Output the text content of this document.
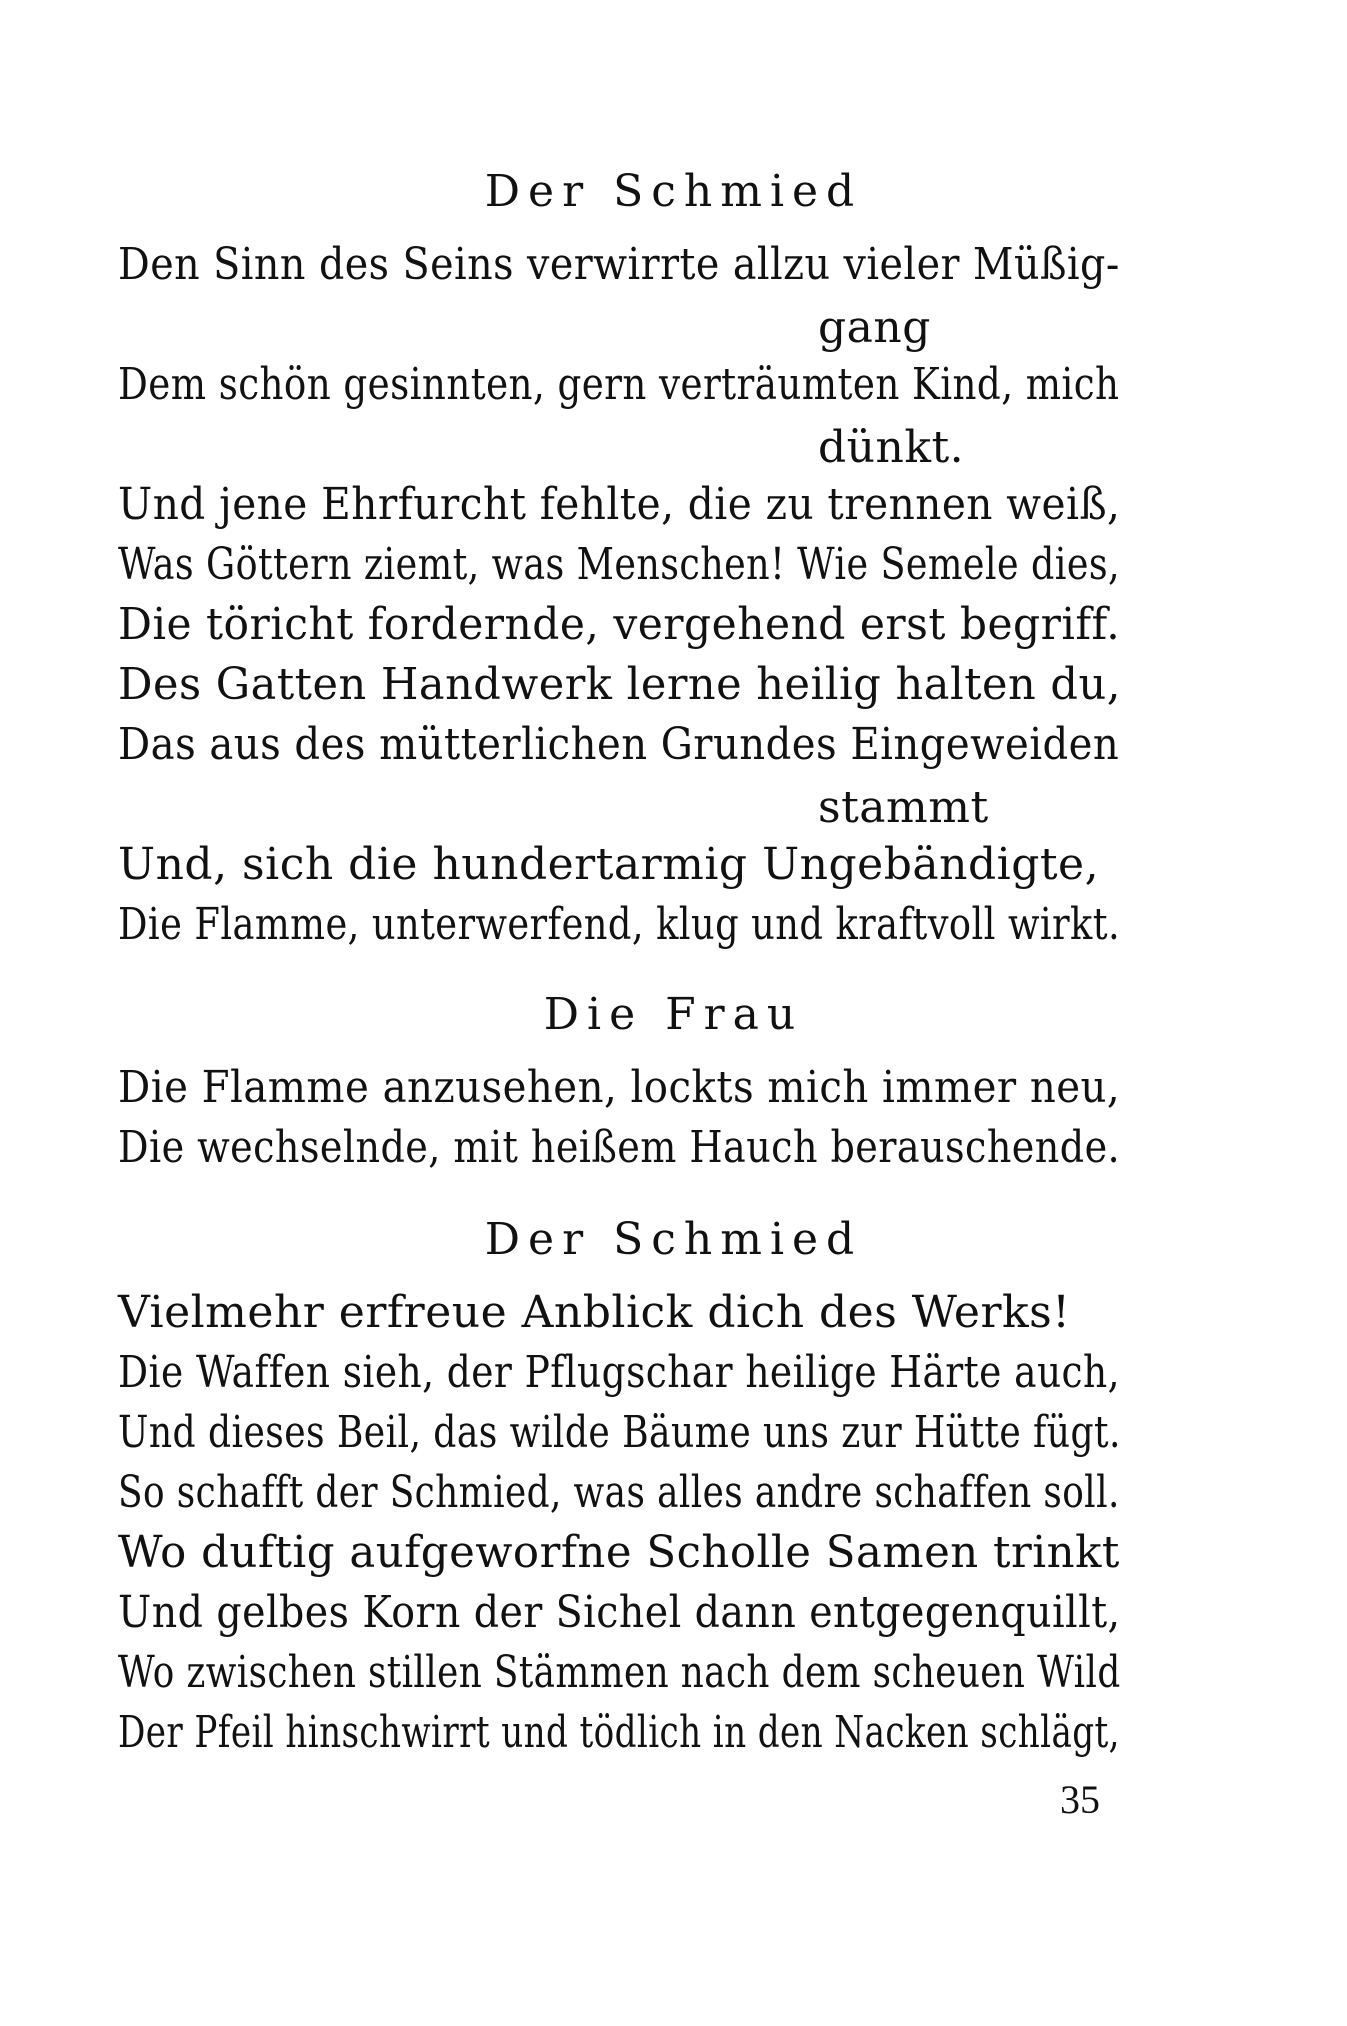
Der Schmied
Den Sinn des Seins verwirrte allzu vieler Müßig-
gang
Dem schön gesinnten, gern verträumten Kind, mich
dünkt.
Und jene Ehrfurcht fehlte, die zu trennen weiß,
Was Göttern ziemt, was Menschen! Wie Semele dies,
Die töricht forderndе, vergehend erst begriff.
Des Gatten Handwerk lerne heilig halten du,
Das aus des mütterlichen Grundes Eingeweiden
stammt
Und, sich die hundertarmig Ungebändigte,
Die Flamme, unterwerfend, klug und kraftvoll wirkt.
Die Frau
Die Flamme anzusehen, lockts mich immer neu,
Die wechselnde, mit heißem Hauch berauschende.
Der Schmied
Vielmehr erfreue Anblick dich des Werks!
Die Waffen sieh, der Pflugschar heilige Härte auch,
Und dieses Beil, das wilde Bäume uns zur Hütte fügt.
So schafft der Schmied, was alles andre schaffen soll.
Wo duftig aufgeworfne Scholle Samen trinkt
Und gelbes Korn der Sichel dann entgegenquillt,
Wo zwischen stillen Stämmen nach dem scheuen Wild
Der Pfeil hinschwirrt und tödlich in den Nacken schlägt,
35
